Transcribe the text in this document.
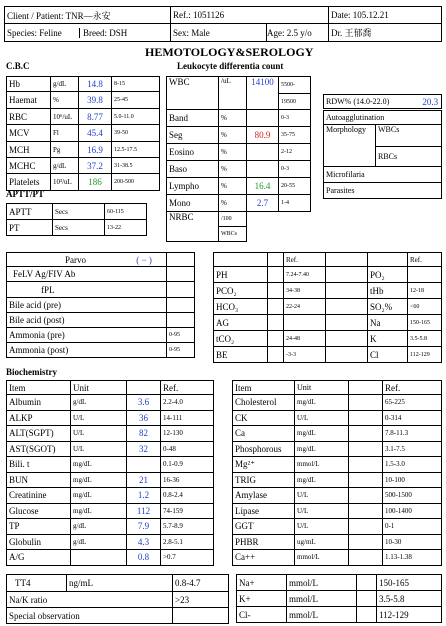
Client / Patient: TNR—永安	Ref.: 1051126		Date: 105.12.21
Species: Feline Breed: DSH	Sex: Male	Age: 2.5 y/o	Dr. 王郁喬
HEMOTOLOGY&SEROLOGY
C.B.C	Leukocyte differentia count
Hb	g/dL	14.8	8-15
Haemat	%	39.8	25-45
RBC	10⁶/uL	8.77	5.0-11.0
MCV	Fl	45.4	39-50
MCH	Pg	16.9	12.5-17.5
MCHC	g/dL	37.2	31-38.5
Platelets	10³/uL	186	200-500
WBC	/uL	14100	5500-
			19500
Band	%		0-3
Seg	%	80.9	35-75
Eosino	%		2-12
Baso	%		0-3
Lympho	%	16.4	20-55
Mono	%	2.7	1-4
NRBC	/100		
	WBCs		
RDW% (14.0-22.0)	20.3
Autoagglutination
Morphology	WBCs
RBCs
Microfilaria
Parasites
APTT/PT
APTT	Secs	60-115
PT	Secs	13-22
Parvo ( − )	
FeLV Ag/FIV Ab	
fPL	
Bile acid (pre)	
Bile acid (post)	
Ammonia (pre)	0-95
Ammonia (post)	0-95
		Ref.			Ref.
PH		7.24-7.40		PO₂	
PCO₂		34-38		tHb	12-18
HCO₃		22-24		SO₂%	<60
AG				Na	150-165
tCO₂		24-48		K	3.5-5.8
BE		-3-3		Cl	112-129
Biochemistry
Item	Unit		Ref.
Albumin	g/dL	3.6	2.2-4.0
ALKP	U/L	36	14-111
ALT(SGPT)	U/L	82	12-130
AST(SGOT)	U/L	32	0-48
Bili. t	mg/dL		0.1-0.9
BUN	mg/dL	21	16-36
Creatinine	mg/dL	1.2	0.8-2.4
Glucose	mg/dL	112	74-159
TP	g/dL	7.9	5.7-8.9
Globulin	g/dL	4.3	2.8-5.1
A/G		0.8	>0.7
Item	Unit		Ref.
Cholesterol	mg/dL		65-225
CK	U/L		0-314
Ca	mg/dL		7.8-11.3
Phosphorous	mg/dL		3.1-7.5
Mg²⁺	mmol/L		1.5-3.0
TRIG	mg/dL		10-100
Amylase	U/L		500-1500
Lipase	U/L		100-1400
GGT	U/L		0-1
PHBR	ug/mL		10-30
Ca++	mmol/L		1.13-1.38
TT4	ng/mL	0.8-4.7
Na/K ratio		>23
Special observation		
Na+	mmol/L		150-165
K+	mmol/L		3.5-5.8
Cl-	mmol/L		112-129
